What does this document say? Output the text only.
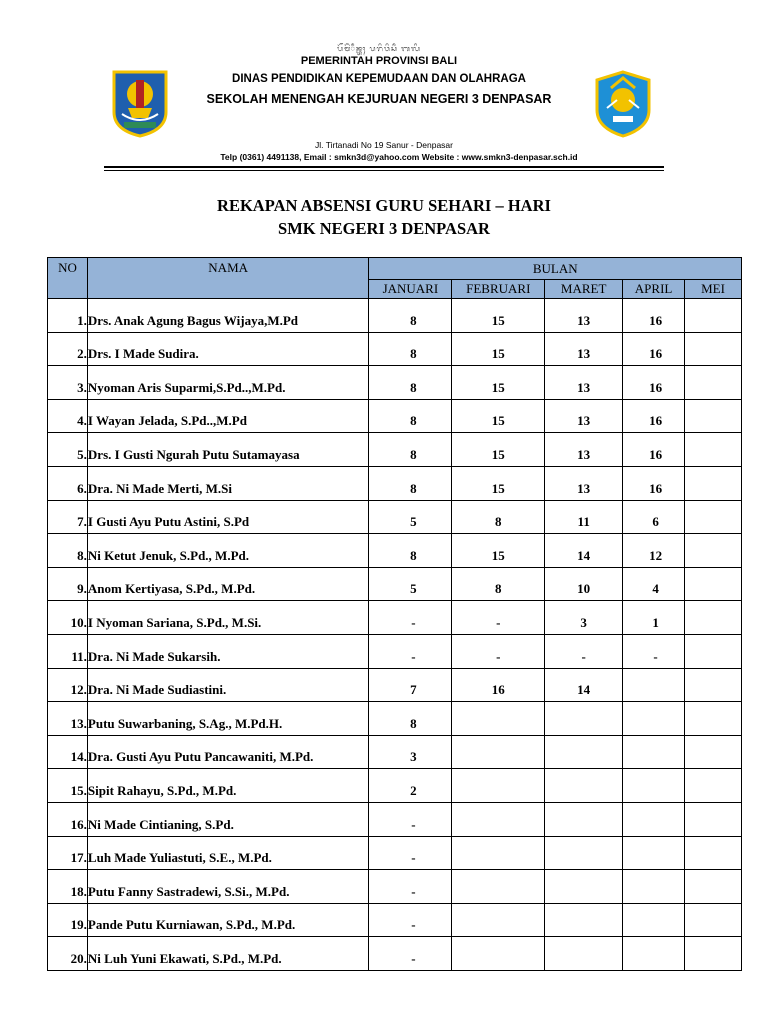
ᬧᭂᬫᭂᬃᬷᬦ᭄ᬢᬄ ᬧᬭᬶᬯᬶᬲᬷ ᬩᬮᬶ
PEMERINTAH PROVINSI BALI
DINAS PENDIDIKAN KEPEMUDAAN DAN OLAHRAGA
SEKOLAH MENENGAH KEJURUAN NEGERI 3 DENPASAR
Jl. Tirtanadi No 19 Sanur - Denpasar
Telp (0361) 4491138, Email : smkn3d@yahoo.com Website : www.smkn3-denpasar.sch.id
REKAPAN ABSENSI GURU SEHARI – HARI
SMK NEGERI 3 DENPASAR
NO	NAMA	BULAN				
		JANUARI	FEBRUARI	MARET	APRIL	MEI
1.	Drs. Anak Agung Bagus Wijaya,M.Pd	8	15	13	16	
2.	Drs. I Made Sudira.	8	15	13	16	
3.	Nyoman Aris Suparmi,S.Pd..,M.Pd.	8	15	13	16	
4.	I Wayan Jelada, S.Pd..,M.Pd	8	15	13	16	
5.	Drs. I Gusti Ngurah Putu Sutamayasa	8	15	13	16	
6.	Dra. Ni Made Merti, M.Si	8	15	13	16	
7.	I Gusti Ayu Putu Astini, S.Pd	5	8	11	6	
8.	Ni Ketut Jenuk, S.Pd., M.Pd.	8	15	14	12	
9.	Anom Kertiyasa, S.Pd., M.Pd.	5	8	10	4	
10.	I Nyoman Sariana, S.Pd., M.Si.	-	-	3	1	
11.	Dra. Ni Made Sukarsih.	-	-	-	-	
12.	Dra. Ni Made Sudiastini.	7	16	14		
13.	Putu Suwarbaning, S.Ag., M.Pd.H.	8				
14.	Dra. Gusti Ayu Putu Pancawaniti, M.Pd.	3				
15.	Sipit Rahayu, S.Pd., M.Pd.	2				
16.	Ni Made Cintianing, S.Pd.	-				
17.	Luh Made Yuliastuti, S.E., M.Pd.	-				
18.	Putu Fanny Sastradewi, S.Si., M.Pd.	-				
19.	Pande Putu Kurniawan, S.Pd., M.Pd.	-				
20.	Ni Luh Yuni Ekawati, S.Pd., M.Pd.	-				
